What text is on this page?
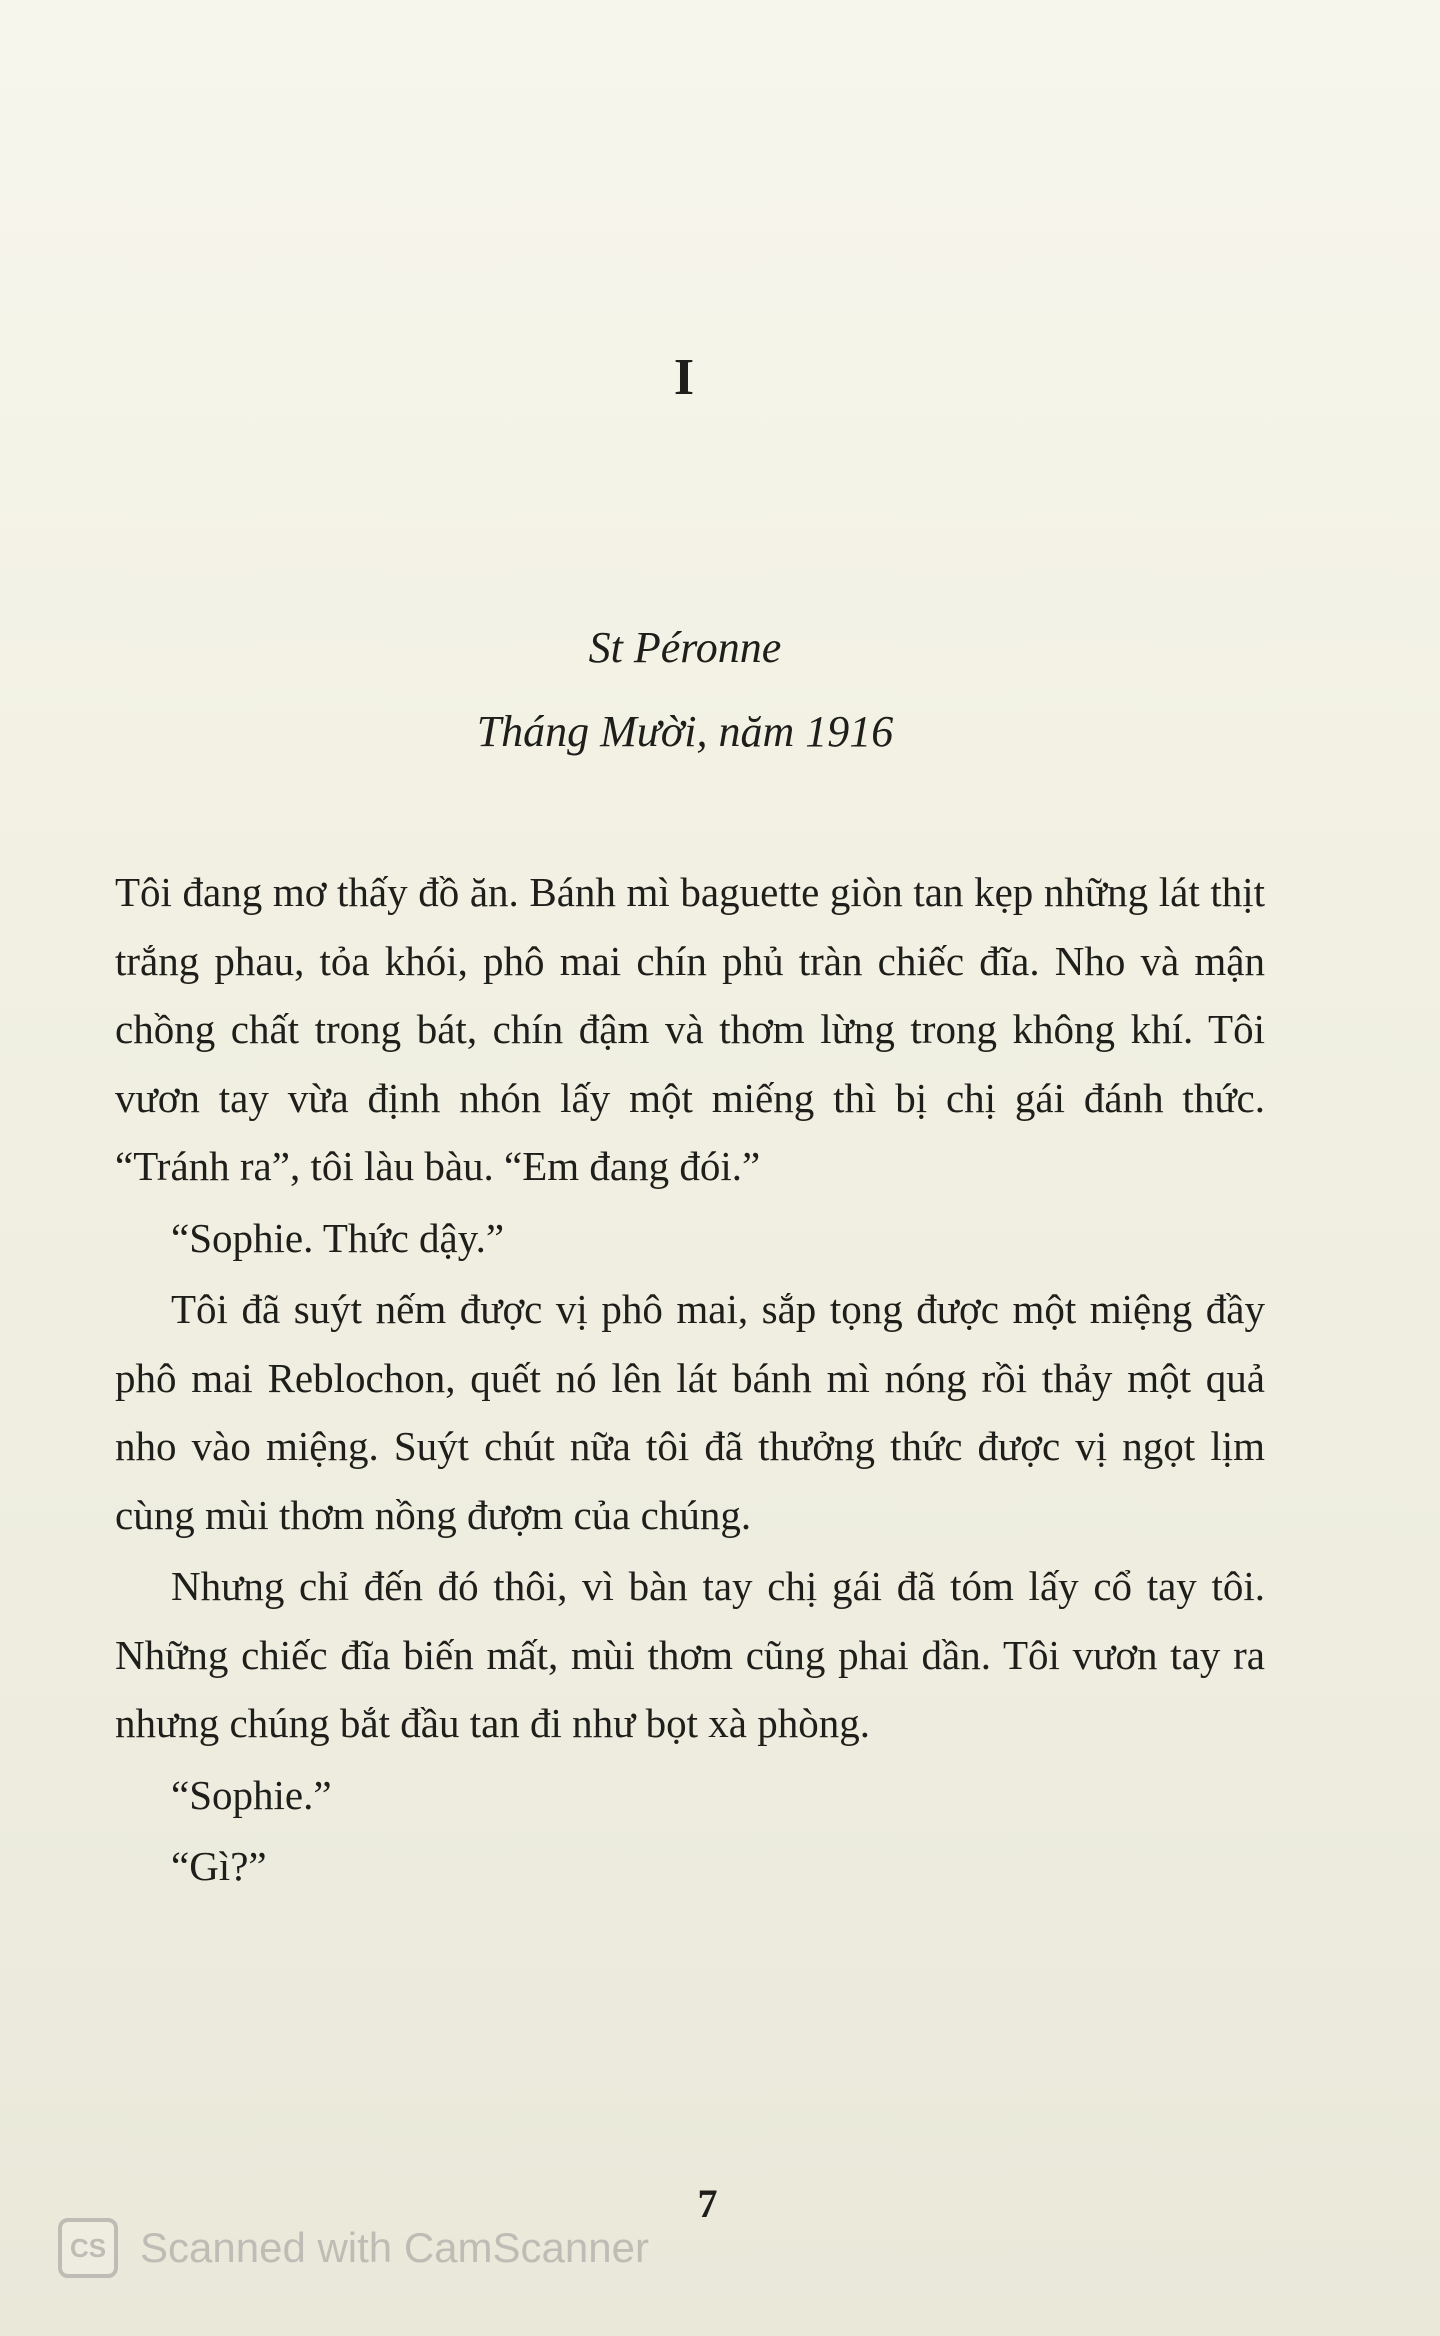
I
St Péronne
Tháng Mười, năm 1916

Tôi đang mơ thấy đồ ăn. Bánh mì baguette giòn tan kẹp những lát thịt trắng phau, tỏa khói, phô mai chín phủ tràn chiếc đĩa. Nho và mận chồng chất trong bát, chín đậm và thơm lừng trong không khí. Tôi vươn tay vừa định nhón lấy một miếng thì bị chị gái đánh thức. “Tránh ra”, tôi làu bàu. “Em đang đói.”

“Sophie. Thức dậy.”

Tôi đã suýt nếm được vị phô mai, sắp tọng được một miệng đầy phô mai Reblochon, quết nó lên lát bánh mì nóng rồi thảy một quả nho vào miệng. Suýt chút nữa tôi đã thưởng thức được vị ngọt lịm cùng mùi thơm nồng đượm của chúng.

Nhưng chỉ đến đó thôi, vì bàn tay chị gái đã tóm lấy cổ tay tôi. Những chiếc đĩa biến mất, mùi thơm cũng phai dần. Tôi vươn tay ra nhưng chúng bắt đầu tan đi như bọt xà phòng.

“Sophie.”

“Gì?”

7
CS Scanned with CamScanner
